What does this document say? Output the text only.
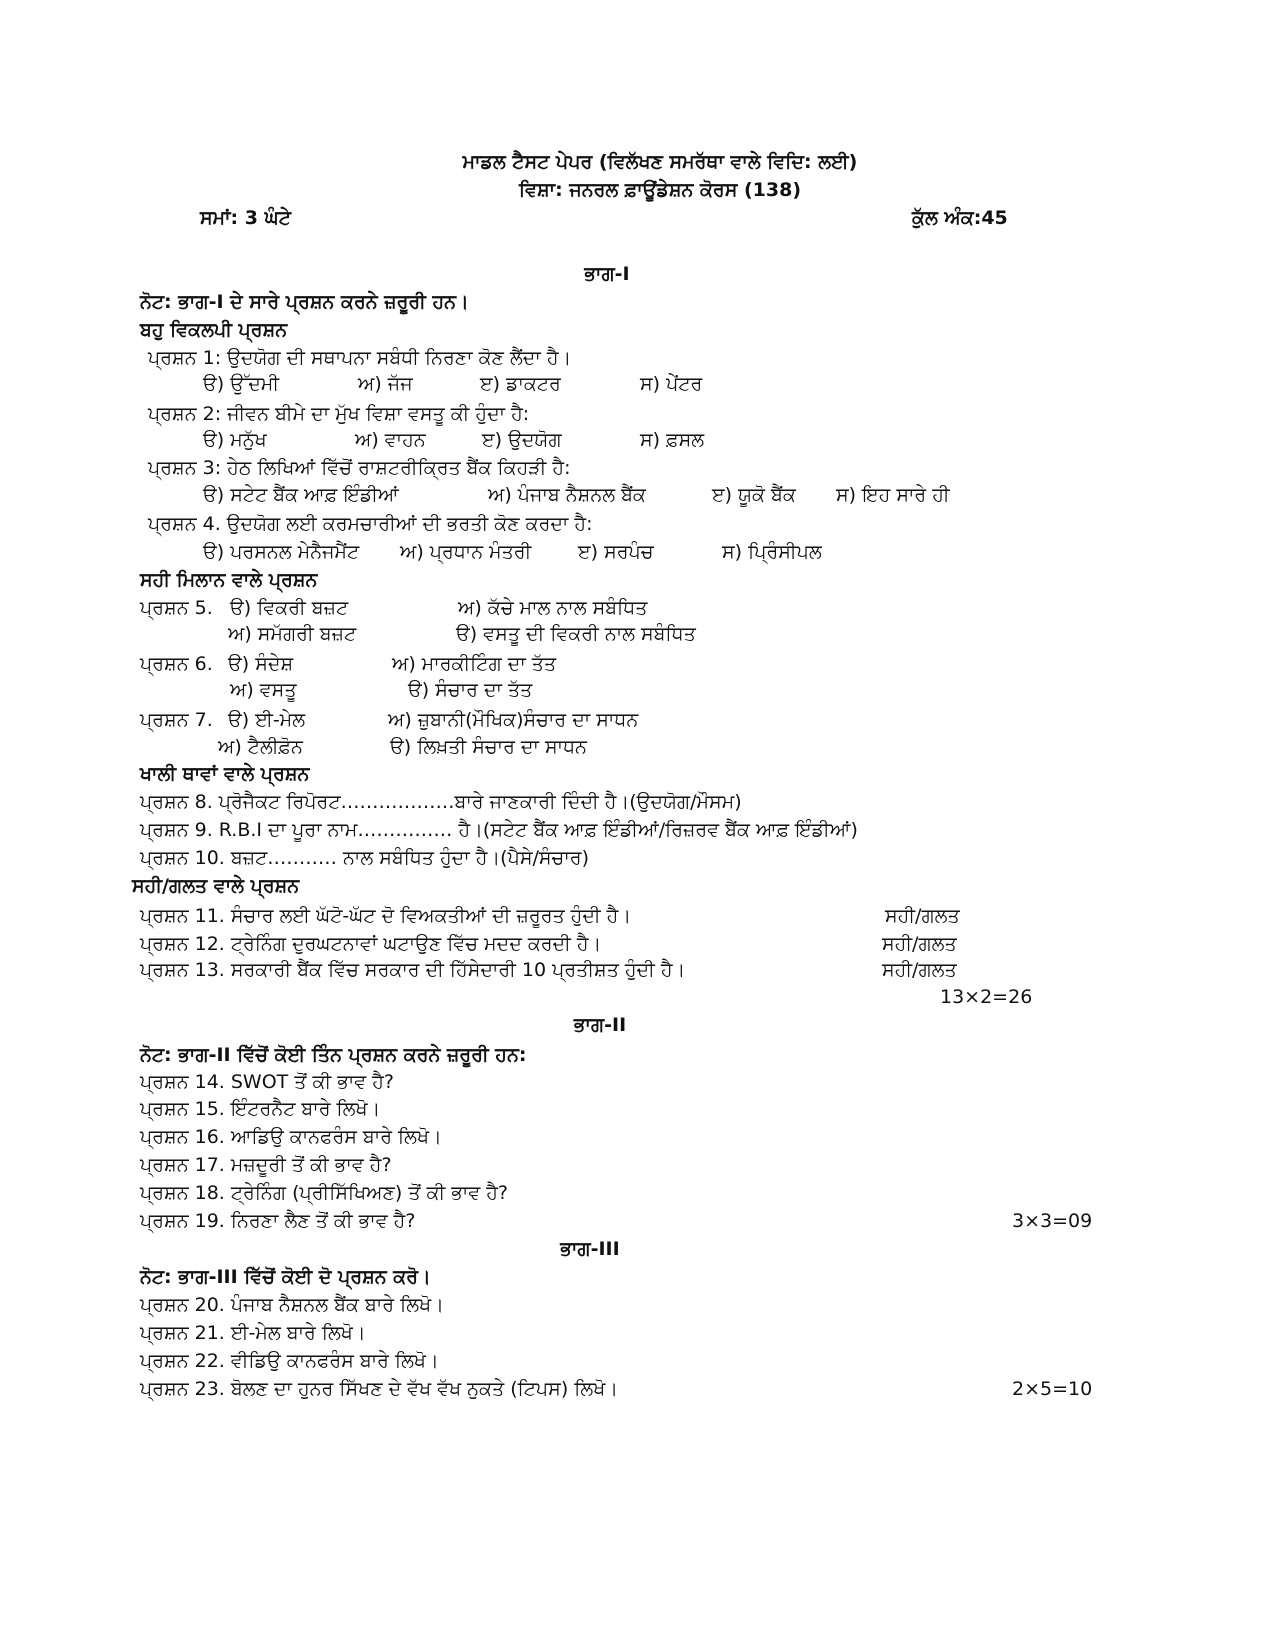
ਮਾਡਲ ਟੈਸਟ ਪੇਪਰ (ਵਿਲੱਖਣ ਸਮਰੱਥਾ ਵਾਲੇ ਵਿਦਿ: ਲਈ)
ਵਿਸ਼ਾ: ਜਨਰਲ ਫ਼ਾਊਂਡੇਸ਼ਨ ਕੋਰਸ (138)
ਸਮਾਂ: 3 ਘੰਟੇ	ਕੁੱਲ ਅੰਕ:45
ਭਾਗ-I
ਨੋਟ: ਭਾਗ-I ਦੇ ਸਾਰੇ ਪ੍ਰਸ਼ਨ ਕਰਨੇ ਜ਼ਰੂਰੀ ਹਨ।
ਬਹੁ ਵਿਕਲਪੀ ਪ੍ਰਸ਼ਨ
ਪ੍ਰਸ਼ਨ 1: ਉਦਯੋਗ ਦੀ ਸਥਾਪਨਾ ਸਬੰਧੀ ਨਿਰਣਾ ਕੋਣ ਲੈਂਦਾ ਹੈ।
ੳ) ਉੱਦਮੀ	ਅ) ਜੱਜ	ੲ) ਡਾਕਟਰ	ਸ) ਪੇਂਟਰ
ਪ੍ਰਸ਼ਨ 2: ਜੀਵਨ ਬੀਮੇ ਦਾ ਮੁੱਖ ਵਿਸ਼ਾ ਵਸਤੂ ਕੀ ਹੁੰਦਾ ਹੈ:
ੳ) ਮਨੁੱਖ	ਅ) ਵਾਹਨ	ੲ) ਉਦਯੋਗ	ਸ) ਫ਼ਸਲ
ਪ੍ਰਸ਼ਨ 3: ਹੇਠ ਲਿਖਿਆਂ ਵਿੱਚੋਂ ਰਾਸ਼ਟਰੀਕ੍ਰਿਤ ਬੈਂਕ ਕਿਹੜੀ ਹੈ:
ੳ) ਸਟੇਟ ਬੈਂਕ ਆਫ਼ ਇੰਡੀਆਂ	ਅ) ਪੰਜਾਬ ਨੈਸ਼ਨਲ ਬੈਂਕ	ੲ) ਯੂਕੋ ਬੈਂਕ ਸ) ਇਹ ਸਾਰੇ ਹੀ
ਪ੍ਰਸ਼ਨ 4. ਉਦਯੋਗ ਲਈ ਕਰਮਚਾਰੀਆਂ ਦੀ ਭਰਤੀ ਕੋਣ ਕਰਦਾ ਹੈ:
ੳ) ਪਰਸਨਲ ਮੇਨੈਜਮੈਂਟ ਅ) ਪ੍ਰਧਾਨ ਮੰਤਰੀ ੲ) ਸਰਪੰਚ	ਸ) ਪ੍ਰਿੰਸੀਪਲ
ਸਹੀ ਮਿਲਾਨ ਵਾਲੇ ਪ੍ਰਸ਼ਨ
ਪ੍ਰਸ਼ਨ 5. ੳ) ਵਿਕਰੀ ਬਜ਼ਟ	ਅ) ਕੱਚੇ ਮਾਲ ਨਾਲ ਸਬੰਧਿਤ
ਅ) ਸਮੱਗਰੀ ਬਜ਼ਟ	ੳ) ਵਸਤੂ ਦੀ ਵਿਕਰੀ ਨਾਲ ਸਬੰਧਿਤ
ਪ੍ਰਸ਼ਨ 6. ੳ) ਸੰਦੇਸ਼	ਅ) ਮਾਰਕੀਟਿੰਗ ਦਾ ਤੱਤ
ਅ) ਵਸਤੂ	ੳ) ਸੰਚਾਰ ਦਾ ਤੱਤ
ਪ੍ਰਸ਼ਨ 7. ੳ) ਈ-ਮੇਲ	ਅ) ਜ਼ੁਬਾਨੀ(ਮੌਖਿਕ)ਸੰਚਾਰ ਦਾ ਸਾਧਨ
ਅ) ਟੈਲੀਫ਼ੋਨ	ੳ) ਲਿਖ਼ਤੀ ਸੰਚਾਰ ਦਾ ਸਾਧਨ
ਖਾਲੀ ਥਾਵਾਂ ਵਾਲੇ ਪ੍ਰਸ਼ਨ
ਪ੍ਰਸ਼ਨ 8. ਪ੍ਰੋਜੈਕਟ ਰਿਪੋਰਟ………………ਬਾਰੇ ਜਾਣਕਾਰੀ ਦਿੰਦੀ ਹੈ।(ਉਦਯੋਗ/ਮੌਸਮ)
ਪ੍ਰਸ਼ਨ 9. R.B.I ਦਾ ਪੂਰਾ ਨਾਮ…………… ਹੈ।(ਸਟੇਟ ਬੈਂਕ ਆਫ਼ ਇੰਡੀਆਂ/ਰਿਜ਼ਰਵ ਬੈਂਕ ਆਫ਼ ਇੰਡੀਆਂ)
ਪ੍ਰਸ਼ਨ 10. ਬਜ਼ਟ………‥ ਨਾਲ ਸਬੰਧਿਤ ਹੁੰਦਾ ਹੈ।(ਪੈਸੇ/ਸੰਚਾਰ)
ਸਹੀ/ਗਲਤ ਵਾਲੇ ਪ੍ਰਸ਼ਨ
ਪ੍ਰਸ਼ਨ 11. ਸੰਚਾਰ ਲਈ ਘੱਟੋ-ਘੱਟ ਦੋ ਵਿਅਕਤੀਆਂ ਦੀ ਜ਼ਰੂਰਤ ਹੁੰਦੀ ਹੈ।	ਸਹੀ/ਗਲਤ
ਪ੍ਰਸ਼ਨ 12. ਟ੍ਰੇਨਿੰਗ ਦੁਰਘਟਨਾਵਾਂ ਘਟਾਉਣ ਵਿੱਚ ਮਦਦ ਕਰਦੀ ਹੈ।	ਸਹੀ/ਗਲਤ
ਪ੍ਰਸ਼ਨ 13. ਸਰਕਾਰੀ ਬੈਂਕ ਵਿੱਚ ਸਰਕਾਰ ਦੀ ਹਿੱਸੇਦਾਰੀ 10 ਪ੍ਰਤੀਸ਼ਤ ਹੁੰਦੀ ਹੈ।	ਸਹੀ/ਗਲਤ
13×2=26
ਭਾਗ-II
ਨੋਟ: ਭਾਗ-II ਵਿੱਚੋਂ ਕੋਈ ਤਿੰਨ ਪ੍ਰਸ਼ਨ ਕਰਨੇ ਜ਼ਰੂਰੀ ਹਨ:
ਪ੍ਰਸ਼ਨ 14. SWOT ਤੋਂ ਕੀ ਭਾਵ ਹੈ?
ਪ੍ਰਸ਼ਨ 15. ਇੰਟਰਨੈਟ ਬਾਰੇ ਲਿਖੋ।
ਪ੍ਰਸ਼ਨ 16. ਆਡਿਉ ਕਾਨਫਰੰਸ ਬਾਰੇ ਲਿਖੋ।
ਪ੍ਰਸ਼ਨ 17. ਮਜ਼ਦੂਰੀ ਤੋਂ ਕੀ ਭਾਵ ਹੈ?
ਪ੍ਰਸ਼ਨ 18. ਟ੍ਰੇਨਿੰਗ (ਪ੍ਰੀਸਿੱਖਿਅਣ) ਤੋਂ ਕੀ ਭਾਵ ਹੈ?
ਪ੍ਰਸ਼ਨ 19. ਨਿਰਣਾ ਲੈਣ ਤੋਂ ਕੀ ਭਾਵ ਹੈ?	3×3=09
ਭਾਗ-III
ਨੋਟ: ਭਾਗ-III ਵਿੱਚੋਂ ਕੋਈ ਦੋ ਪ੍ਰਸ਼ਨ ਕਰੋ।
ਪ੍ਰਸ਼ਨ 20. ਪੰਜਾਬ ਨੈਸ਼ਨਲ ਬੈਂਕ ਬਾਰੇ ਲਿਖੋ।
ਪ੍ਰਸ਼ਨ 21. ਈ-ਮੇਲ ਬਾਰੇ ਲਿਖੋ।
ਪ੍ਰਸ਼ਨ 22. ਵੀਡਿਉ ਕਾਨਫਰੰਸ ਬਾਰੇ ਲਿਖੋ।
ਪ੍ਰਸ਼ਨ 23. ਬੋਲਣ ਦਾ ਹੁਨਰ ਸਿੱਖਣ ਦੇ ਵੱਖ ਵੱਖ ਨੁਕਤੇ (ਟਿਪਸ) ਲਿਖੋ।	2×5=10
